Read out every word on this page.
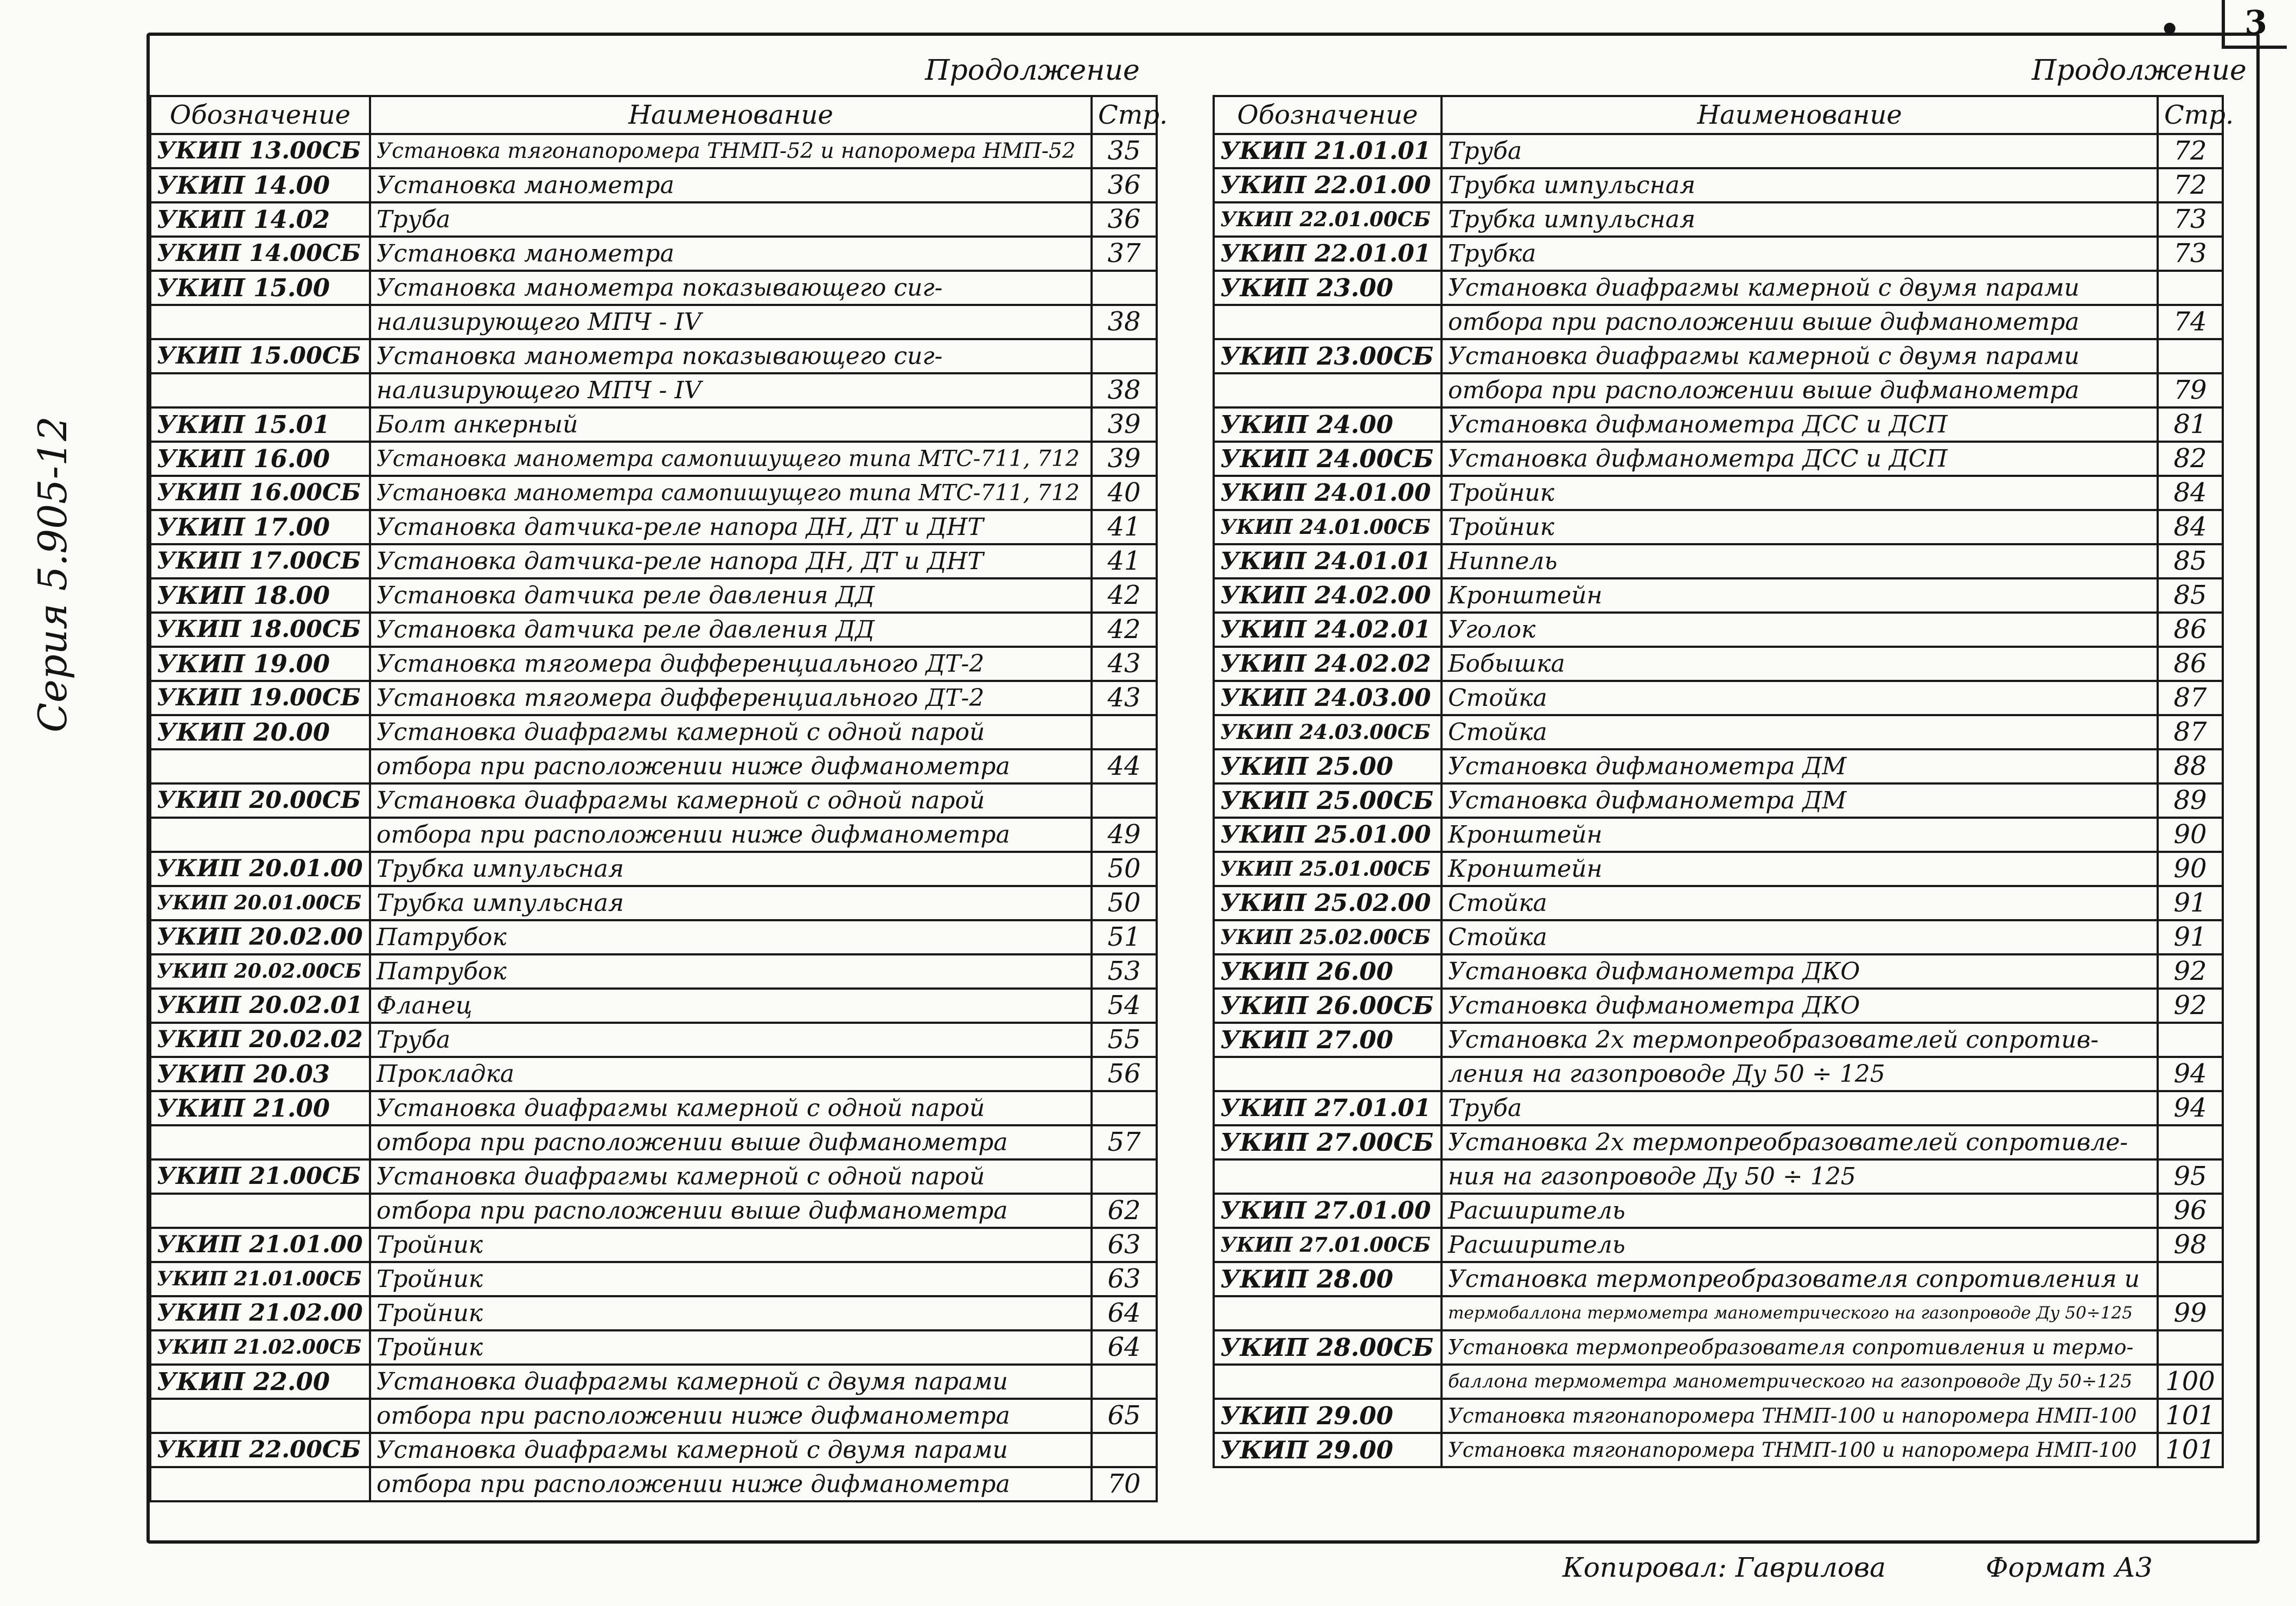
3
•
Серия 5.905-12
Продолжение
Обозначение	Наименование	Стр.
УКИП 13.00СБ	Установка тягонапоромера ТНМП-52 и напоромера НМП-52	35
УКИП 14.00	Установка манометра	36
УКИП 14.02	Труба	36
УКИП 14.00СБ	Установка манометра	37
УКИП 15.00	Установка манометра показывающего сиг-	
	нализирующего МПЧ - IV	38
УКИП 15.00СБ	Установка манометра показывающего сиг-	
	нализирующего МПЧ - IV	38
УКИП 15.01	Болт анкерный	39
УКИП 16.00	Установка манометра самопишущего типа МТС-711, 712	39
УКИП 16.00СБ	Установка манометра самопишущего типа МТС-711, 712	40
УКИП 17.00	Установка датчика-реле напора ДН, ДТ и ДНТ	41
УКИП 17.00СБ	Установка датчика-реле напора ДН, ДТ и ДНТ	41
УКИП 18.00	Установка датчика реле давления ДД	42
УКИП 18.00СБ	Установка датчика реле давления ДД	42
УКИП 19.00	Установка тягомера дифференциального ДТ-2	43
УКИП 19.00СБ	Установка тягомера дифференциального ДТ-2	43
УКИП 20.00	Установка диафрагмы камерной с одной парой	
	отбора при расположении ниже дифманометра	44
УКИП 20.00СБ	Установка диафрагмы камерной с одной парой	
	отбора при расположении ниже дифманометра	49
УКИП 20.01.00	Трубка импульсная	50
УКИП 20.01.00СБ	Трубка импульсная	50
УКИП 20.02.00	Патрубок	51
УКИП 20.02.00СБ	Патрубок	53
УКИП 20.02.01	Фланец	54
УКИП 20.02.02	Труба	55
УКИП 20.03	Прокладка	56
УКИП 21.00	Установка диафрагмы камерной с одной парой	
	отбора при расположении выше дифманометра	57
УКИП 21.00СБ	Установка диафрагмы камерной с одной парой	
	отбора при расположении выше дифманометра	62
УКИП 21.01.00	Тройник	63
УКИП 21.01.00СБ	Тройник	63
УКИП 21.02.00	Тройник	64
УКИП 21.02.00СБ	Тройник	64
УКИП 22.00	Установка диафрагмы камерной с двумя парами	
	отбора при расположении ниже дифманометра	65
УКИП 22.00СБ	Установка диафрагмы камерной с двумя парами	
	отбора при расположении ниже дифманометра	70
Продолжение
Обозначение	Наименование	Стр.
УКИП 21.01.01	Труба	72
УКИП 22.01.00	Трубка импульсная	72
УКИП 22.01.00СБ	Трубка импульсная	73
УКИП 22.01.01	Трубка	73
УКИП 23.00	Установка диафрагмы камерной с двумя парами	
	отбора при расположении выше дифманометра	74
УКИП 23.00СБ	Установка диафрагмы камерной с двумя парами	
	отбора при расположении выше дифманометра	79
УКИП 24.00	Установка дифманометра ДСС и ДСП	81
УКИП 24.00СБ	Установка дифманометра ДСС и ДСП	82
УКИП 24.01.00	Тройник	84
УКИП 24.01.00СБ	Тройник	84
УКИП 24.01.01	Ниппель	85
УКИП 24.02.00	Кронштейн	85
УКИП 24.02.01	Уголок	86
УКИП 24.02.02	Бобышка	86
УКИП 24.03.00	Стойка	87
УКИП 24.03.00СБ	Стойка	87
УКИП 25.00	Установка дифманометра ДМ	88
УКИП 25.00СБ	Установка дифманометра ДМ	89
УКИП 25.01.00	Кронштейн	90
УКИП 25.01.00СБ	Кронштейн	90
УКИП 25.02.00	Стойка	91
УКИП 25.02.00СБ	Стойка	91
УКИП 26.00	Установка дифманометра ДКО	92
УКИП 26.00СБ	Установка дифманометра ДКО	92
УКИП 27.00	Установка 2х термопреобразователей сопротив-	
	ления на газопроводе Ду 50 ÷ 125	94
УКИП 27.01.01	Труба	94
УКИП 27.00СБ	Установка 2х термопреобразователей сопротивле-	
	ния на газопроводе Ду 50 ÷ 125	95
УКИП 27.01.00	Расширитель	96
УКИП 27.01.00СБ	Расширитель	98
УКИП 28.00	Установка термопреобразователя сопротивления и	
	термобаллона термометра манометрического на газопроводе Ду 50÷125	99
УКИП 28.00СБ	Установка термопреобразователя сопротивления и термо-	
	баллона термометра манометрического на газопроводе Ду 50÷125	100
УКИП 29.00	Установка тягонапоромера ТНМП-100 и напоромера НМП-100	101
УКИП 29.00	Установка тягонапоромера ТНМП-100 и напоромера НМП-100	101
Копировал: Гаврилова	Формат А3
